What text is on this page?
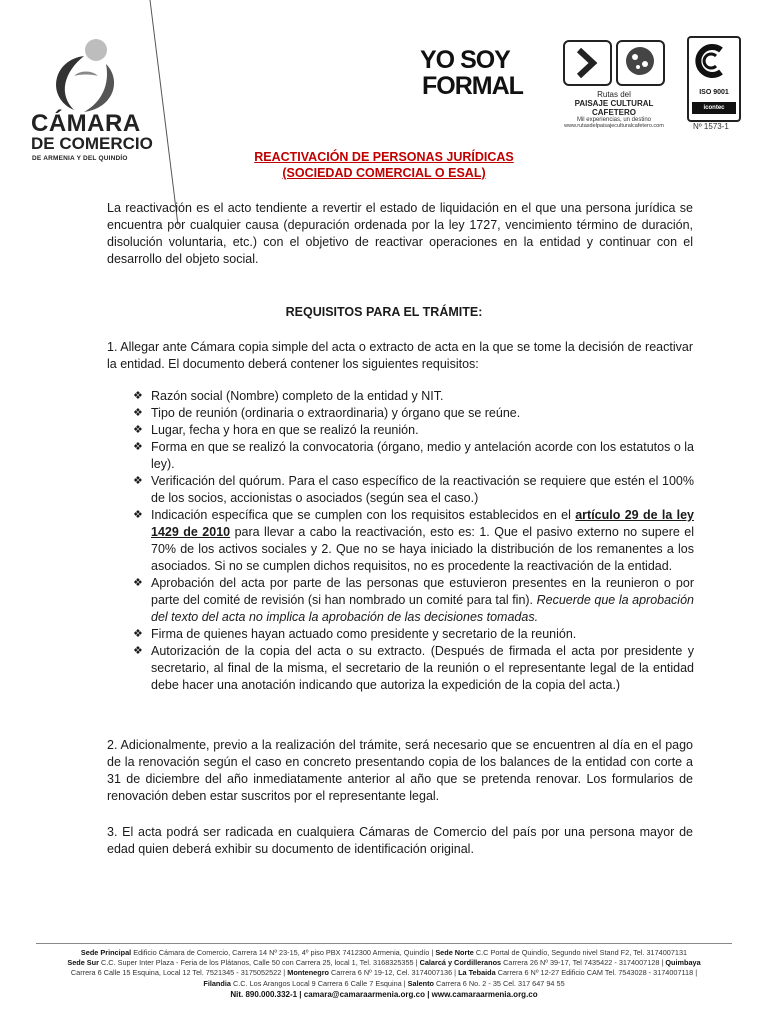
CÁMARA
DE COMERCIO
DE ARMENIA Y DEL QUINDÍO
YO SOY
FORMAL	Rutas del
PAISAJE CULTURAL CAFETERO
Mil experiencias, un destino
www.rutasdelpaisajeculturalcafetero.com
ISO 9001
icontec
Nº 1573-1
REACTIVACIÓN DE PERSONAS JURÍDICAS
(SOCIEDAD COMERCIAL O ESAL)
La reactivación es el acto tendiente a revertir el estado de liquidación en el que una persona jurídica se encuentra por cualquier causa (depuración ordenada por la ley 1727, vencimiento término de duración, disolución voluntaria, etc.) con el objetivo de reactivar operaciones en la entidad y continuar con el desarrollo del objeto social.
REQUISITOS PARA EL TRÁMITE:
1. Allegar ante Cámara copia simple del acta o extracto de acta en la que se tome la decisión de reactivar la entidad. El documento deberá contener los siguientes requisitos:
❖ Razón social (Nombre) completo de la entidad y NIT.
❖ Tipo de reunión (ordinaria o extraordinaria) y órgano que se reúne.
❖ Lugar, fecha y hora en que se realizó la reunión.
❖ Forma en que se realizó la convocatoria (órgano, medio y antelación acorde con los estatutos o la ley).
❖ Verificación del quórum. Para el caso específico de la reactivación se requiere que estén el 100% de los socios, accionistas o asociados (según sea el caso.)
❖ Indicación específica que se cumplen con los requisitos establecidos en el artículo 29 de la ley 1429 de 2010 para llevar a cabo la reactivación, esto es: 1. Que el pasivo externo no supere el 70% de los activos sociales y 2. Que no se haya iniciado la distribución de los remanentes a los asociados. Si no se cumplen dichos requisitos, no es procedente la reactivación de la entidad.
❖ Aprobación del acta por parte de las personas que estuvieron presentes en la reunieron o por parte del comité de revisión (si han nombrado un comité para tal fin). Recuerde que la aprobación del texto del acta no implica la aprobación de las decisiones tomadas.
❖ Firma de quienes hayan actuado como presidente y secretario de la reunión.
❖ Autorización de la copia del acta o su extracto. (Después de firmada el acta por presidente y secretario, al final de la misma, el secretario de la reunión o el representante legal de la entidad debe hacer una anotación indicando que autoriza la expedición de la copia del acta.)
2. Adicionalmente, previo a la realización del trámite, será necesario que se encuentren al día en el pago de la renovación según el caso en concreto presentando copia de los balances de la entidad con corte a 31 de diciembre del año inmediatamente anterior al año que se pretenda renovar. Los formularios de renovación deben estar suscritos por el representante legal.
3. El acta podrá ser radicada en cualquiera Cámaras de Comercio del país por una persona mayor de edad quien deberá exhibir su documento de identificación original.
Sede Principal Edificio Cámara de Comercio, Carrera 14 Nº 23-15, 4º piso PBX 7412300 Armenia, Quindío | Sede Norte C.C Portal de Quindío, Segundo nivel Stand F2, Tel. 3174007131
Sede Sur C.C. Super Inter Plaza - Feria de los Plátanos, Calle 50 con Carrera 25, local 1, Tel. 3168325355 | Calarcá y Cordilleranos Carrera 26 Nº 39-17, Tel 7435422 - 3174007128 | Quimbaya
Carrera 6 Calle 15 Esquina, Local 12 Tel. 7521345 - 3175052522 | Montenegro Carrera 6 Nº 19-12, Cel. 3174007136 | La Tebaida Carrera 6 Nº 12-27 Edificio CAM Tel. 7543028 - 3174007118 |
Filandia C.C. Los Arangos Local 9 Carrera 6 Calle 7 Esquina | Salento Carrera 6 No. 2 - 35 Cel. 317 647 94 55
Nit. 890.000.332-1 | camara@camaraarmenia.org.co | www.camaraarmenia.org.co
